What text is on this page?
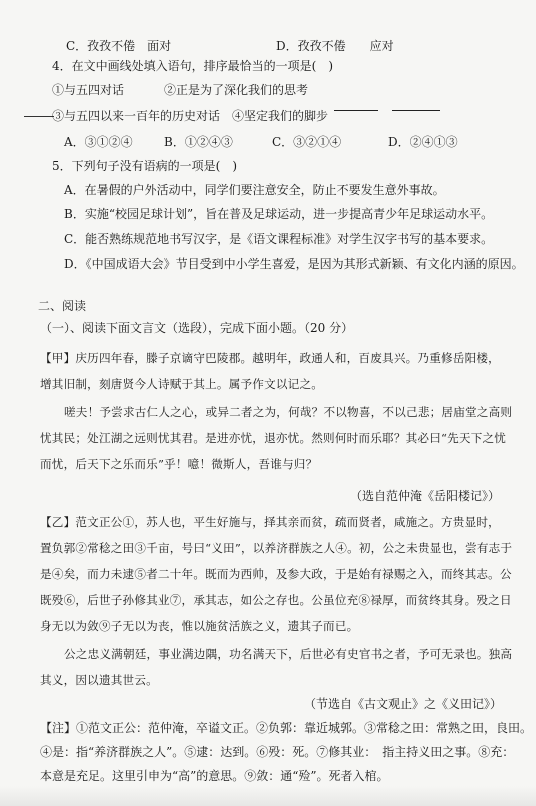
C．孜孜不倦　面对	D．孜孜不倦　　应对
4．在文中画线处填入语句，排序最恰当的一项是(　)
①与五四对话	②正是为了深化我们的思考
③与五四以来一百年的历史对话 ④坚定我们的脚步
A．③①②④	B．①②④③	C．③②①④	D．②④①③
5．下列句子没有语病的一项是(　)
A．在暑假的户外活动中，同学们要注意安全，防止不要发生意外事故。
B．实施“校园足球计划”，旨在普及足球运动，进一步提高青少年足球运动水平。
C．能否熟练规范地书写汉字，是《语文课程标准》对学生汉字书写的基本要求。
D．《中国成语大会》节目受到中小学生喜爱，是因为其形式新颖、有文化内涵的原因。
二、阅读
（一）、阅读下面文言文（选段），完成下面小题。（20 分）
【甲】庆历四年春，滕子京谪守巴陵郡。越明年，政通人和，百废具兴。乃重修岳阳楼，
增其旧制，刻唐贤今人诗赋于其上。属予作文以记之。
嗟夫！予尝求古仁人之心，或异二者之为，何哉？不以物喜，不以己悲；居庙堂之高则
忧其民；处江湖之远则忧其君。是进亦忧，退亦忧。然则何时而乐耶？其必曰“先天下之忧
而忧，后天下之乐而乐”乎！噫！微斯人，吾谁与归？
（选自范仲淹《岳阳楼记》）
【乙】范文正公①，苏人也，平生好施与，择其亲而贫，疏而贤者，咸施之。方贵显时，
置负郭②常稔之田③千亩，号曰“义田”，以养济群族之人④。初，公之未贵显也，尝有志于
是④矣，而力未逮⑤者二十年。既而为西帅，及参大政，于是始有禄赐之入，而终其志。公
既殁⑥，后世子孙修其业⑦，承其志，如公之存也。公虽位充⑧禄厚，而贫终其身。殁之日
身无以为敛⑨子无以为丧，惟以施贫活族之义，遗其子而已。
公之忠义满朝廷，事业满边隅，功名满天下，后世必有史官书之者，予可无录也。独高
其义，因以遗其世云。
（节选自《古文观止》之《义田记》）
【注】①范文正公：范仲淹，卒谥文正。②负郭：靠近城郭。③常稔之田：常熟之田，良田。
④是：指“养济群族之人”。⑤逮：达到。⑥殁：死。⑦修其业：　指主持义田之事。⑧充：
本意是充足。这里引申为“高”的意思。⑨敛：通“殓”。死者入棺。
